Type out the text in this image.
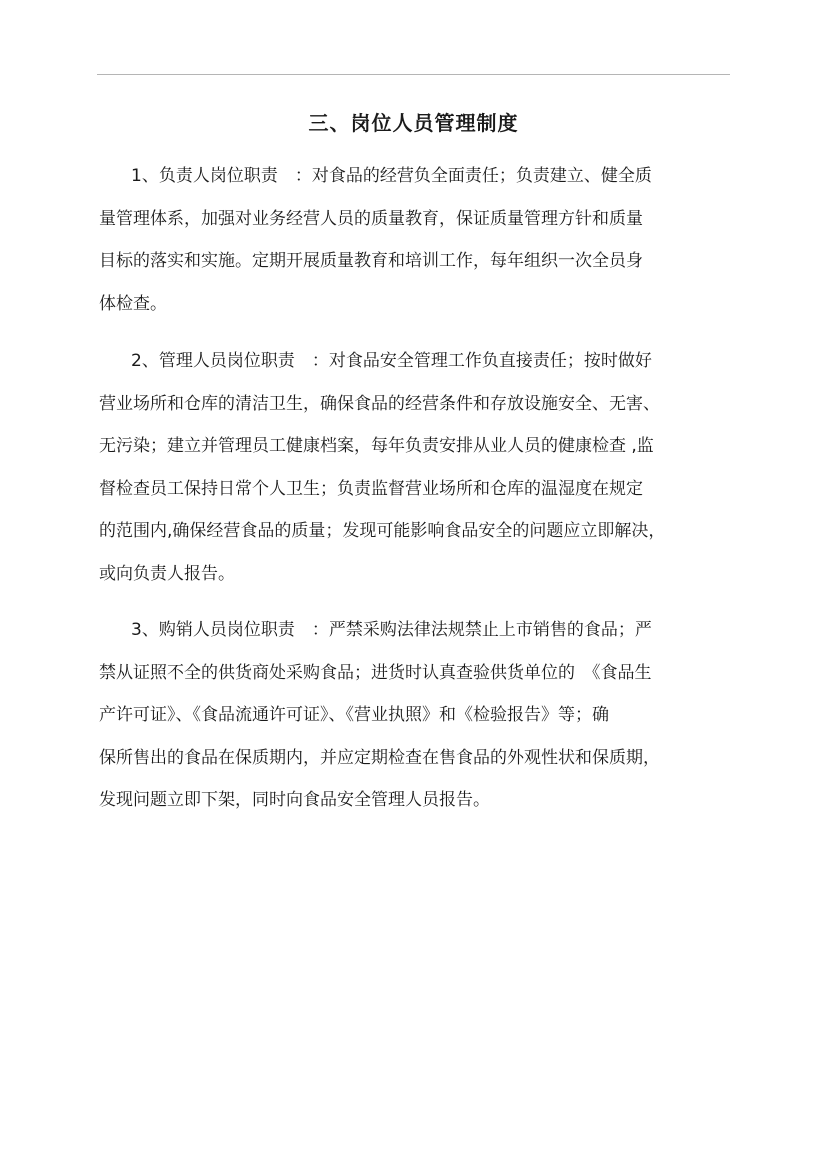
三、岗位人员管理制度
1、负责人岗位职责　：对食品的经营负全面责任；负责建立、健全质
量管理体系，加强对业务经营人员的质量教育，保证质量管理方针和质量
目标的落实和实施。定期开展质量教育和培训工作，每年组织一次全员身
体检查。
2、管理人员岗位职责　：对食品安全管理工作负直接责任；按时做好
营业场所和仓库的清洁卫生，确保食品的经营条件和存放设施安全、无害、
无污染；建立并管理员工健康档案，每年负责安排从业人员的健康检查 ,监
督检查员工保持日常个人卫生；负责监督营业场所和仓库的温湿度在规定
的范围内,确保经营食品的质量；发现可能影响食品安全的问题应立即解决，
或向负责人报告。
3、购销人员岗位职责　：严禁采购法律法规禁止上市销售的食品；严
禁从证照不全的供货商处采购食品；进货时认真查验供货单位的　《食品生
产许可证》、《食品流通许可证》、《营业执照》和《检验报告》等；确
保所售出的食品在保质期内，并应定期检查在售食品的外观性状和保质期，
发现问题立即下架，同时向食品安全管理人员报告。
